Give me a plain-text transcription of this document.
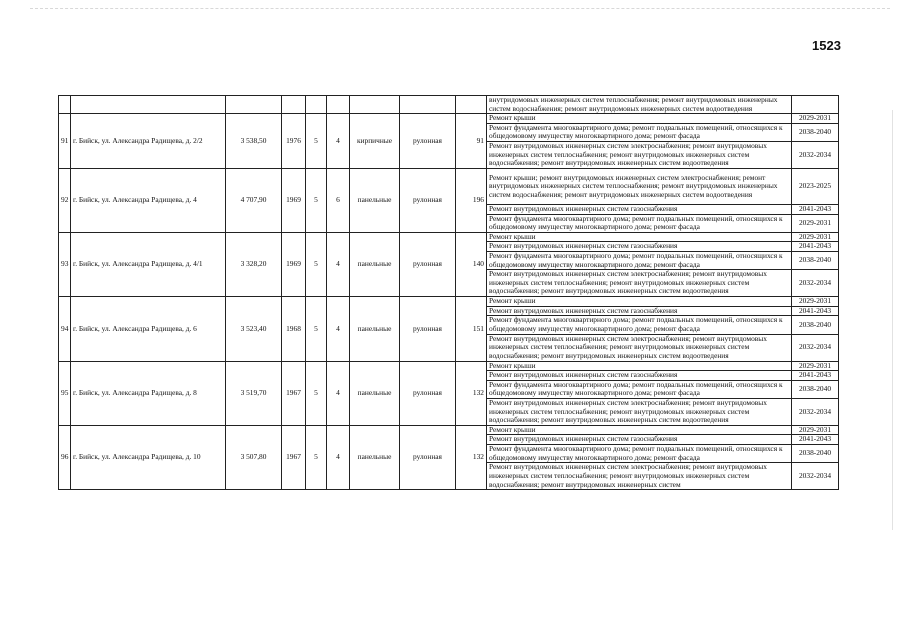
1523
									внутридомовых инженерных систем теплоснабжения; ремонт внутридомовых инженерных систем водоснабжения; ремонт внутридомовых инженерных систем водоотведения	
91	г. Бийск, ул. Александра Радищева, д. 2/2	3 538,50	1976	5	4	кирпичные	рулонная	91	Ремонт крыши	2029-2031
									Ремонт фундамента многоквартирного дома; ремонт подвальных помещений, относящихся к общедомовому имуществу многоквартирного дома; ремонт фасада	2038-2040
									Ремонт внутридомовых инженерных систем электроснабжения; ремонт внутридомовых инженерных систем теплоснабжения; ремонт внутридомовых инженерных систем водоснабжения; ремонт внутридомовых инженерных систем водоотведения	2032-2034
92	г. Бийск, ул. Александра Радищева, д. 4	4 707,90	1969	5	6	панельные	рулонная	196	Ремонт крыши; ремонт внутридомовых инженерных систем электроснабжения; ремонт внутридомовых инженерных систем теплоснабжения; ремонт внутридомовых инженерных систем водоснабжения; ремонт внутридомовых инженерных систем водоотведения	2023-2025
									Ремонт внутридомовых инженерных систем газоснабжения	2041-2043
									Ремонт фундамента многоквартирного дома; ремонт подвальных помещений, относящихся к общедомовому имуществу многоквартирного дома; ремонт фасада	2029-2031
93	г. Бийск, ул. Александра Радищева, д. 4/1	3 328,20	1969	5	4	панельные	рулонная	140	Ремонт крыши	2029-2031
									Ремонт внутридомовых инженерных систем газоснабжения	2041-2043
									Ремонт фундамента многоквартирного дома; ремонт подвальных помещений, относящихся к общедомовому имуществу многоквартирного дома; ремонт фасада	2038-2040
									Ремонт внутридомовых инженерных систем электроснабжения; ремонт внутридомовых инженерных систем теплоснабжения; ремонт внутридомовых инженерных систем водоснабжения; ремонт внутридомовых инженерных систем водоотведения	2032-2034
94	г. Бийск, ул. Александра Радищева, д. 6	3 523,40	1968	5	4	панельные	рулонная	151	Ремонт крыши	2029-2031
									Ремонт внутридомовых инженерных систем газоснабжения	2041-2043
									Ремонт фундамента многоквартирного дома; ремонт подвальных помещений, относящихся к общедомовому имуществу многоквартирного дома; ремонт фасада	2038-2040
									Ремонт внутридомовых инженерных систем электроснабжения; ремонт внутридомовых инженерных систем теплоснабжения; ремонт внутридомовых инженерных систем водоснабжения; ремонт внутридомовых инженерных систем водоотведения	2032-2034
95	г. Бийск, ул. Александра Радищева, д. 8	3 519,70	1967	5	4	панельные	рулонная	132	Ремонт крыши	2029-2031
									Ремонт внутридомовых инженерных систем газоснабжения	2041-2043
									Ремонт фундамента многоквартирного дома; ремонт подвальных помещений, относящихся к общедомовому имуществу многоквартирного дома; ремонт фасада	2038-2040
									Ремонт внутридомовых инженерных систем электроснабжения; ремонт внутридомовых инженерных систем теплоснабжения; ремонт внутридомовых инженерных систем водоснабжения; ремонт внутридомовых инженерных систем водоотведения	2032-2034
96	г. Бийск, ул. Александра Радищева, д. 10	3 507,80	1967	5	4	панельные	рулонная	132	Ремонт крыши	2029-2031
									Ремонт внутридомовых инженерных систем газоснабжения	2041-2043
									Ремонт фундамента многоквартирного дома; ремонт подвальных помещений, относящихся к общедомовому имуществу многоквартирного дома; ремонт фасада	2038-2040
									Ремонт внутридомовых инженерных систем электроснабжения; ремонт внутридомовых инженерных систем теплоснабжения; ремонт внутридомовых инженерных систем водоснабжения; ремонт внутридомовых инженерных систем	2032-2034
